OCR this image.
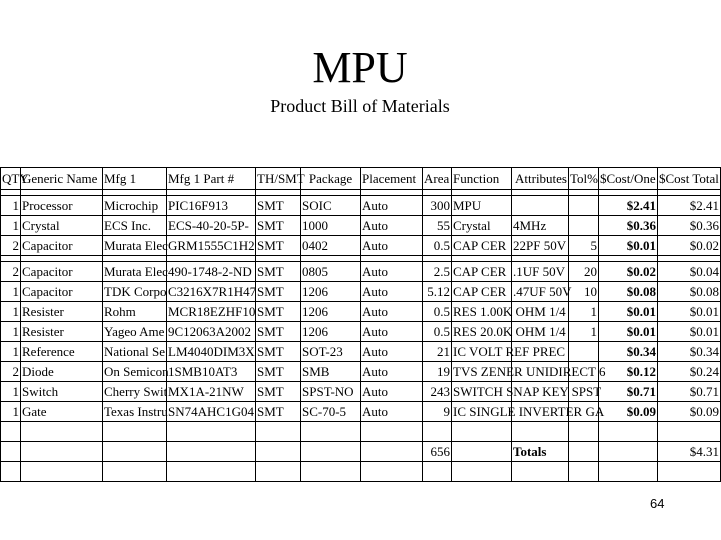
MPU
Product Bill of Materials
QTY	Generic Name	Mfg 1	Mfg 1 Part #	TH/SMT	Package	Placement	Area	Function	Attributes	Tol%	$Cost/One	$Cost Total

1	Processor	Microchip	PIC16F913	SMT	SOIC	Auto	300	MPU			$2.41	$2.41
1	Crystal	ECS Inc.	ECS-40-20-5P-	SMT	1000	Auto	55	Crystal	4MHz		$0.36	$0.36
2	Capacitor	Murata Elec	GRM1555C1H2	SMT	0402	Auto	0.5	CAP CER	22PF 50V	5	$0.01	$0.02

2	Capacitor	Murata Elec	490-1748-2-ND	SMT	0805	Auto	2.5	CAP CER	.1UF 50V	20	$0.02	$0.04
1	Capacitor	TDK Corpo	C3216X7R1H47	SMT	1206	Auto	5.12	CAP CER	.47UF 50V	10	$0.08	$0.08
1	Resister	Rohm	MCR18EZHF10	SMT	1206	Auto	0.5	RES 1.00K OHM 1/4		1	$0.01	$0.01
1	Resister	Yageo Ame	9C12063A2002	SMT	1206	Auto	0.5	RES 20.0K OHM 1/4		1	$0.01	$0.01
1	Reference	National Se	LM4040DIM3X	SMT	SOT-23	Auto	21	IC VOLT REF PREC			$0.34	$0.34
2	Diode	On Semicon	1SMB10AT3	SMT	SMB	Auto	19	TVS ZENER UNIDIRECT 6			$0.12	$0.24
1	Switch	Cherry Swit	MX1A-21NW	SMT	SPST-NO	Auto	243	SWITCH SNAP KEY SPST			$0.71	$0.71
1	Gate	Texas Instru	SN74AHC1G04	SMT	SC-70-5	Auto	9	IC SINGLE INVERTER GA			$0.09	$0.09

							656		Totals			$4.31

64
